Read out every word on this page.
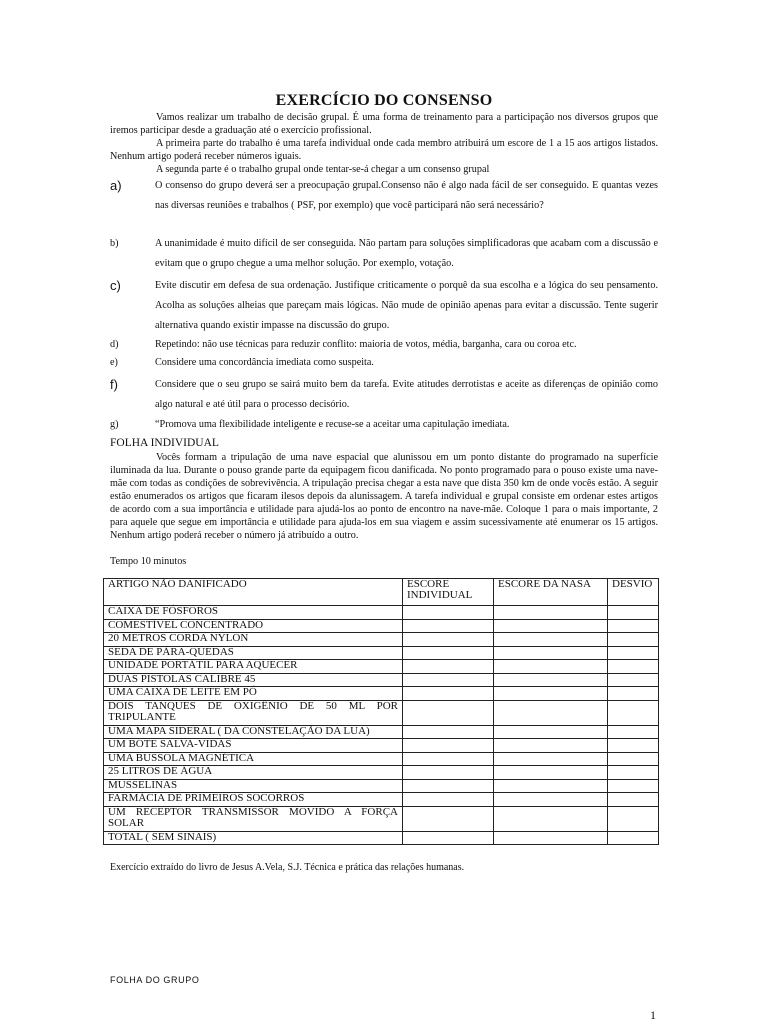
EXERCÍCIO DO CONSENSO
Vamos realizar um trabalho de decisão grupal. É uma forma de treinamento para a participação nos diversos grupos que iremos participar desde a graduação até o exercício profissional.
A primeira parte do trabalho é uma tarefa individual onde cada membro atribuirá um escore de 1 a 15 aos artigos listados. Nenhum artigo poderá receber números iguais.
A segunda parte é o trabalho grupal onde tentar-se-á chegar a um consenso grupal
a)	O consenso do grupo deverá ser a preocupação grupal.Consenso não é algo nada fácil de ser conseguido. E quantas vezes nas diversas reuniões e trabalhos ( PSF, por exemplo) que você participará não será necessário?
b)	A unanimidade é muito difícil de ser conseguida. Não partam para soluções simplificadoras que acabam com a discussão e evitam que o grupo chegue a uma melhor solução. Por exemplo, votação.
c)	Evite discutir em defesa de sua ordenação. Justifique criticamente o porquê da sua escolha e a lógica do seu pensamento. Acolha as soluções alheias que pareçam mais lógicas. Não mude de opinião apenas para evitar a discussão. Tente sugerir alternativa quando existir impasse na discussão do grupo.
d)	Repetindo: não use técnicas para reduzir conflito: maioria de votos, média, barganha, cara ou coroa etc.
e)	Considere uma concordância imediata como suspeita.
f)	Considere que o seu grupo se sairá muito bem da tarefa. Evite atitudes derrotistas e aceite as diferenças de opinião como algo natural e até útil para o processo decisório.
g)	“Promova uma flexibilidade inteligente e recuse-se a aceitar uma capitulação imediata.
FOLHA INDIVIDUAL
Vocês formam a tripulação de uma nave espacial que alunissou em um ponto distante do programado na superfície iluminada da lua. Durante o pouso grande parte da equipagem ficou danificada. No ponto programado para o pouso existe uma nave-mãe com todas as condições de sobrevivência. A tripulação precisa chegar a esta nave que dista 350 km de onde vocês estão. A seguir estão enumerados os artigos que ficaram ilesos depois da alunissagem. A tarefa individual e grupal consiste em ordenar estes artigos de acordo com a sua importância e utilidade para ajudá-los ao ponto de encontro na nave-mãe. Coloque 1 para o mais importante, 2 para aquele que segue em importância e utilidade para ajuda-los em sua viagem e assim sucessivamente até enumerar os 15 artigos. Nenhum artigo poderá receber o número já atribuído a outro.
Tempo 10 minutos
ARTIGO NÃO DANIFICADO	ESCORE INDIVIDUAL	ESCORE DA NASA	DESVIO
CAIXA DE FÓSFOROS			
COMESTÍVEL CONCENTRADO			
20 METROS CORDA NYLON			
SEDA DE PÁRA-QUEDAS			
UNIDADE PORTÁTIL PARA AQUECER			
DUAS PISTOLAS CALIBRE 45			
UMA CAIXA DE LEITE EM PÓ			
DOIS TANQUES DE OXIGÊNIO DE 50 ML POR TRIPULANTE			
UMA MAPA SIDERAL ( DA CONSTELAÇÃO DA LUA)			
UM BOTE SALVA-VIDAS			
UMA BUSSOLA MAGNÉTICA			
25 LITROS DE ÁGUA			
MUSSELINAS			
FARMÁCIA DE PRIMEIROS SOCORROS			
UM RECEPTOR TRANSMISSOR MOVIDO A FORÇA SOLAR			
TOTAL ( SEM SINAIS)			
Exercício extraído do livro de Jesus A.Vela, S.J. Técnica e prática das relações humanas.
FOLHA DO GRUPO
1
